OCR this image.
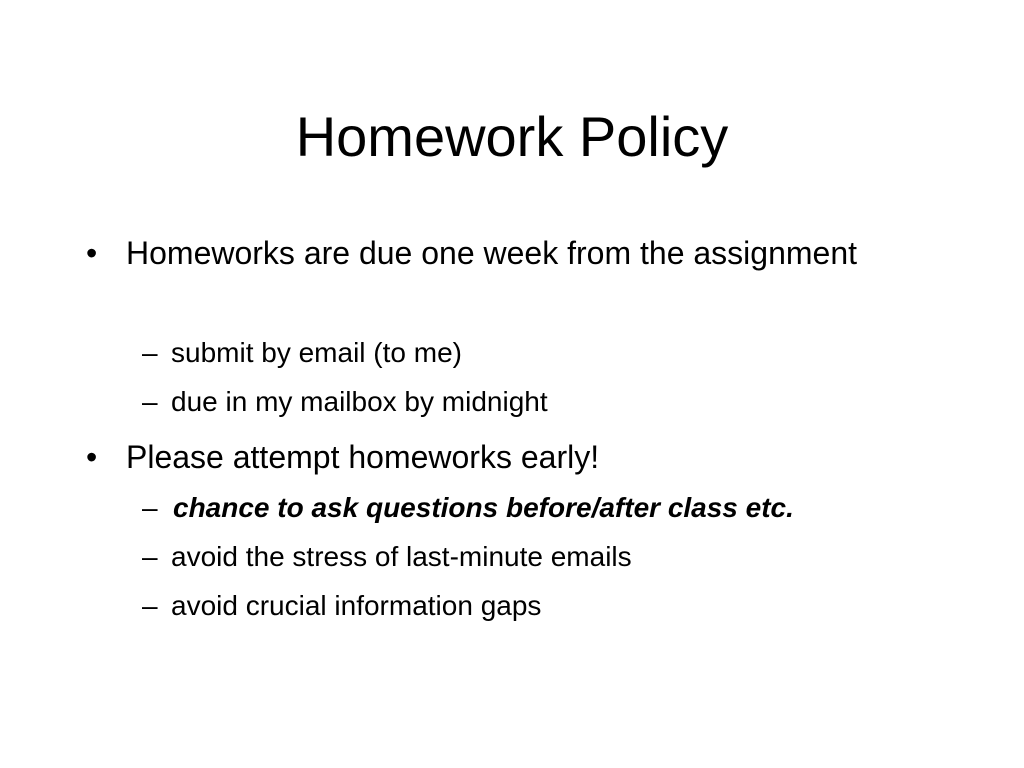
Homework Policy
• Homeworks are due one week from the assignment
– submit by email (to me)
– due in my mailbox by midnight
• Please attempt homeworks early!
– chance to ask questions before/after class etc.
– avoid the stress of last-minute emails
– avoid crucial information gaps
